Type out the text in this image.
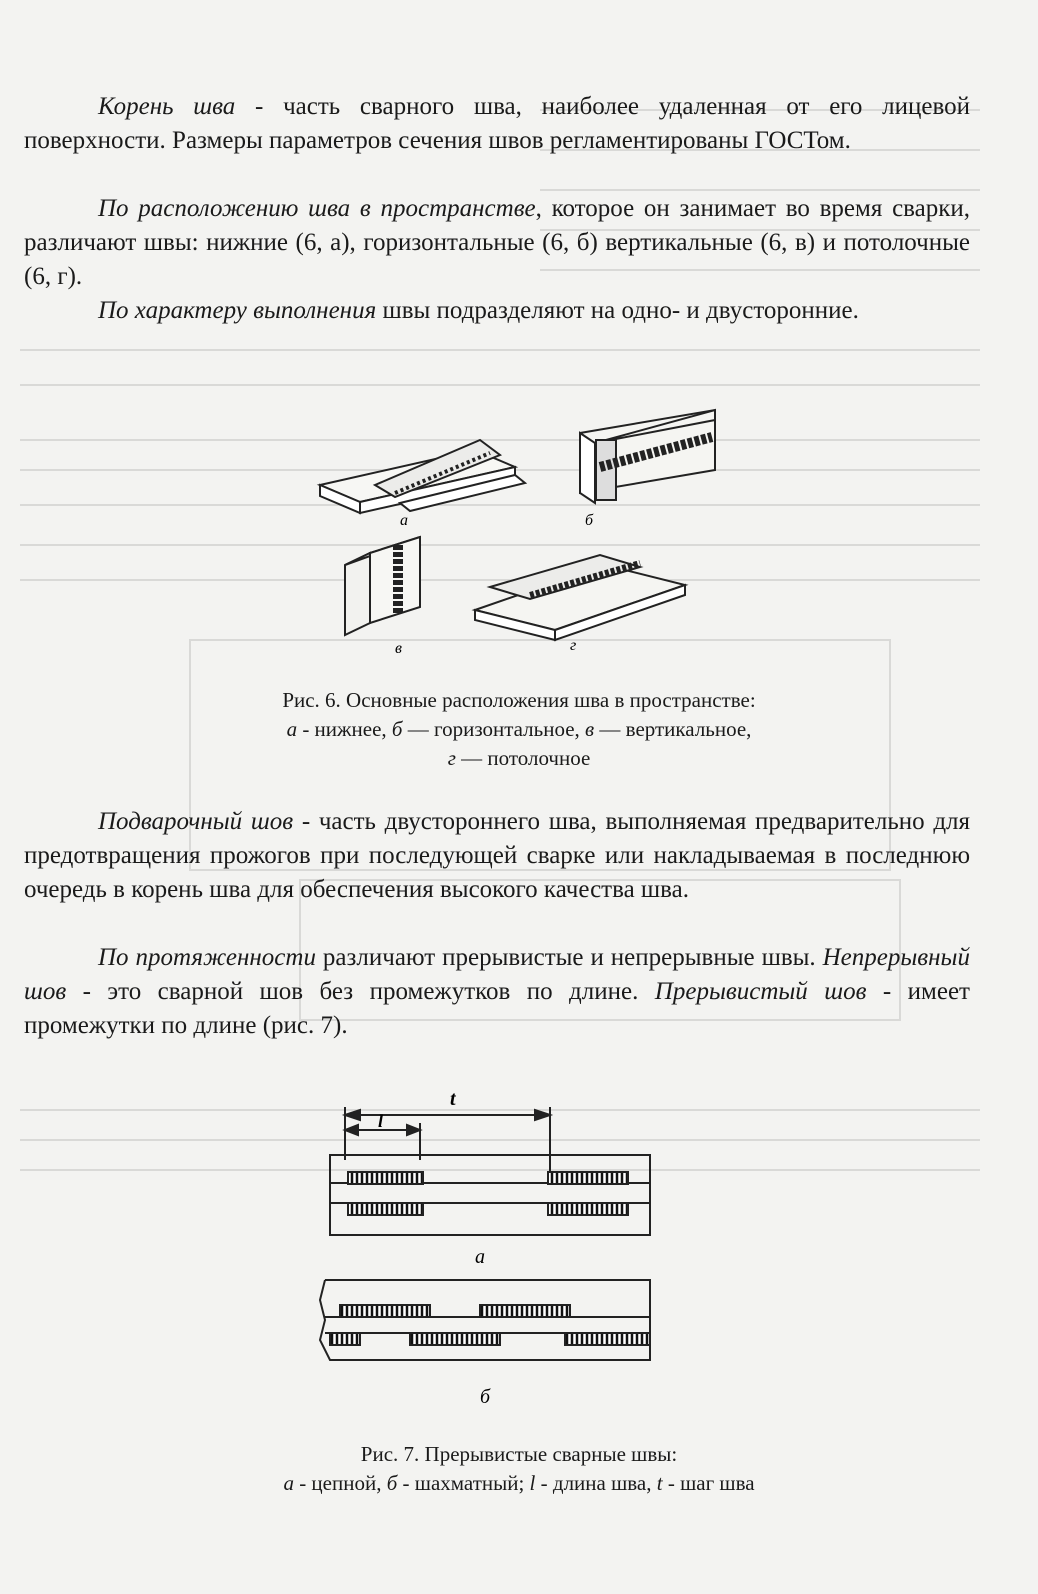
Корень шва - часть сварного шва, наиболее удаленная от его лицевой поверхности. Размеры параметров сечения швов регламентированы ГОСТом.

По расположению шва в пространстве, которое он занимает во время сварки, различают швы: нижние (6, а), горизонтальные (6, б) вертикальные (6, в) и потолочные (6, г).

По характеру выполнения швы подразделяют на одно- и двусторонние.

а	б
в	г
Рис. 6. Основные расположения шва в пространстве:
а - нижнее, б — горизонтальное, в — вертикальное,
г — потолочное

Подварочный шов - часть двустороннего шва, выполняемая предварительно для предотвращения прожогов при последующей сварке или накладываемая в последнюю очередь в корень шва для обеспечения высокого качества шва.

По протяженности различают прерывистые и непрерывные швы. Непрерывный шов - это сварной шов без промежутков по длине. Прерывистый шов - имеет промежутки по длине (рис. 7).

t
l
а
б
Рис. 7. Прерывистые сварные швы:
а - цепной, б - шахматный; l - длина шва, t - шаг шва
